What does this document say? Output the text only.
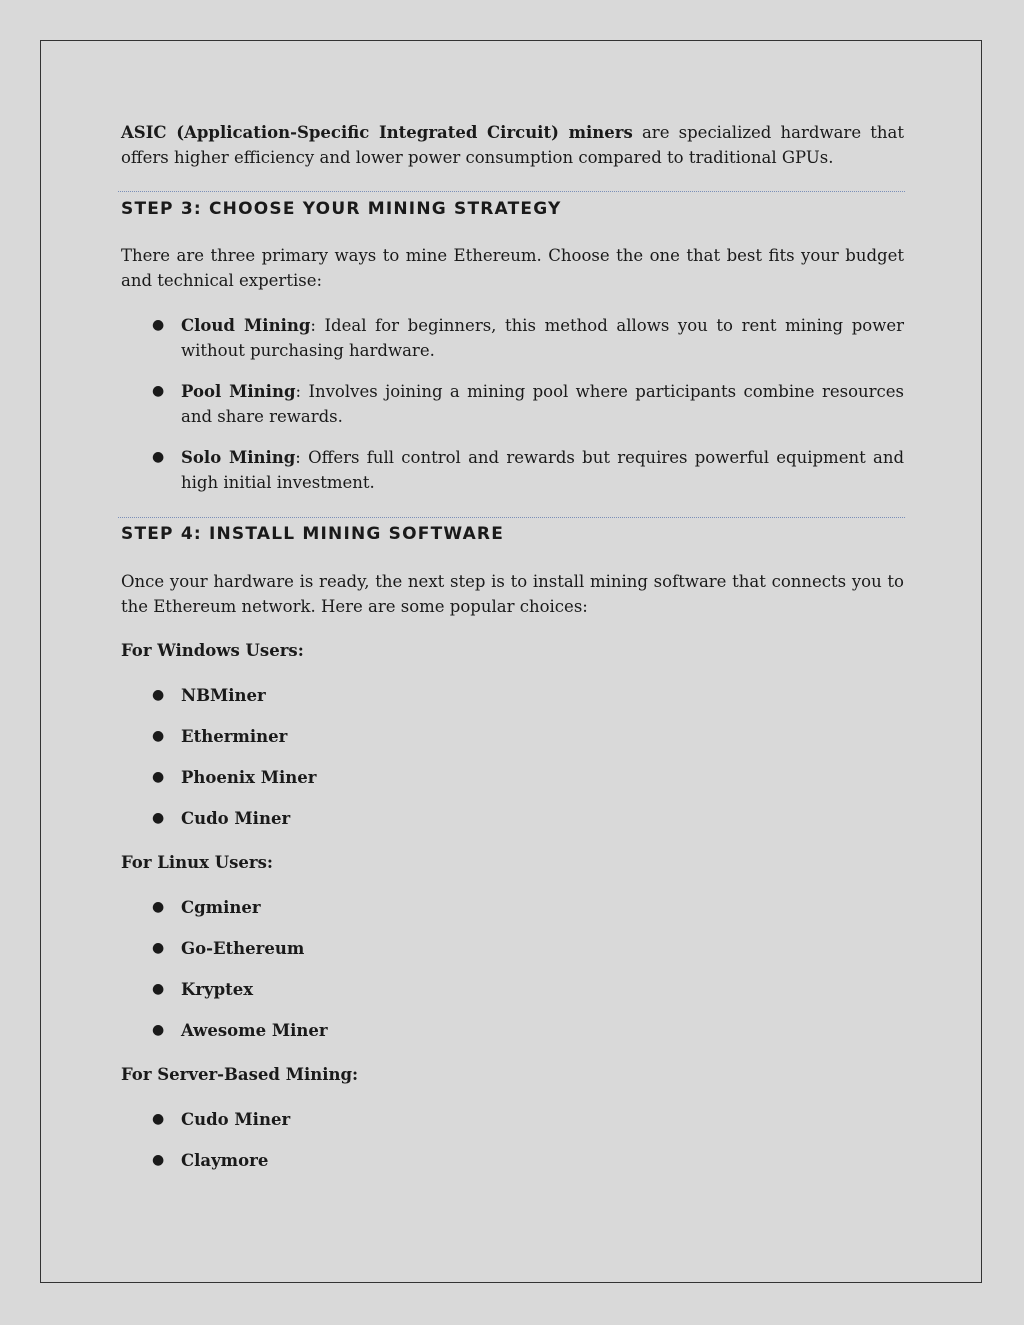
ASIC (Application-Specific Integrated Circuit) miners are specialized hardware that offers higher efficiency and lower power consumption compared to traditional GPUs.

STEP 3: CHOOSE YOUR MINING STRATEGY

There are three primary ways to mine Ethereum. Choose the one that best fits your budget and technical expertise:

● Cloud Mining: Ideal for beginners, this method allows you to rent mining power without purchasing hardware.
● Pool Mining: Involves joining a mining pool where participants combine resources and share rewards.
● Solo Mining: Offers full control and rewards but requires powerful equipment and high initial investment.
STEP 4: INSTALL MINING SOFTWARE

Once your hardware is ready, the next step is to install mining software that connects you to the Ethereum network. Here are some popular choices:

For Windows Users:

● NBMiner
● Etherminer
● Phoenix Miner
● Cudo Miner

For Linux Users:

● Cgminer
● Go-Ethereum
● Kryptex
● Awesome Miner

For Server-Based Mining:

● Cudo Miner
● Claymore
